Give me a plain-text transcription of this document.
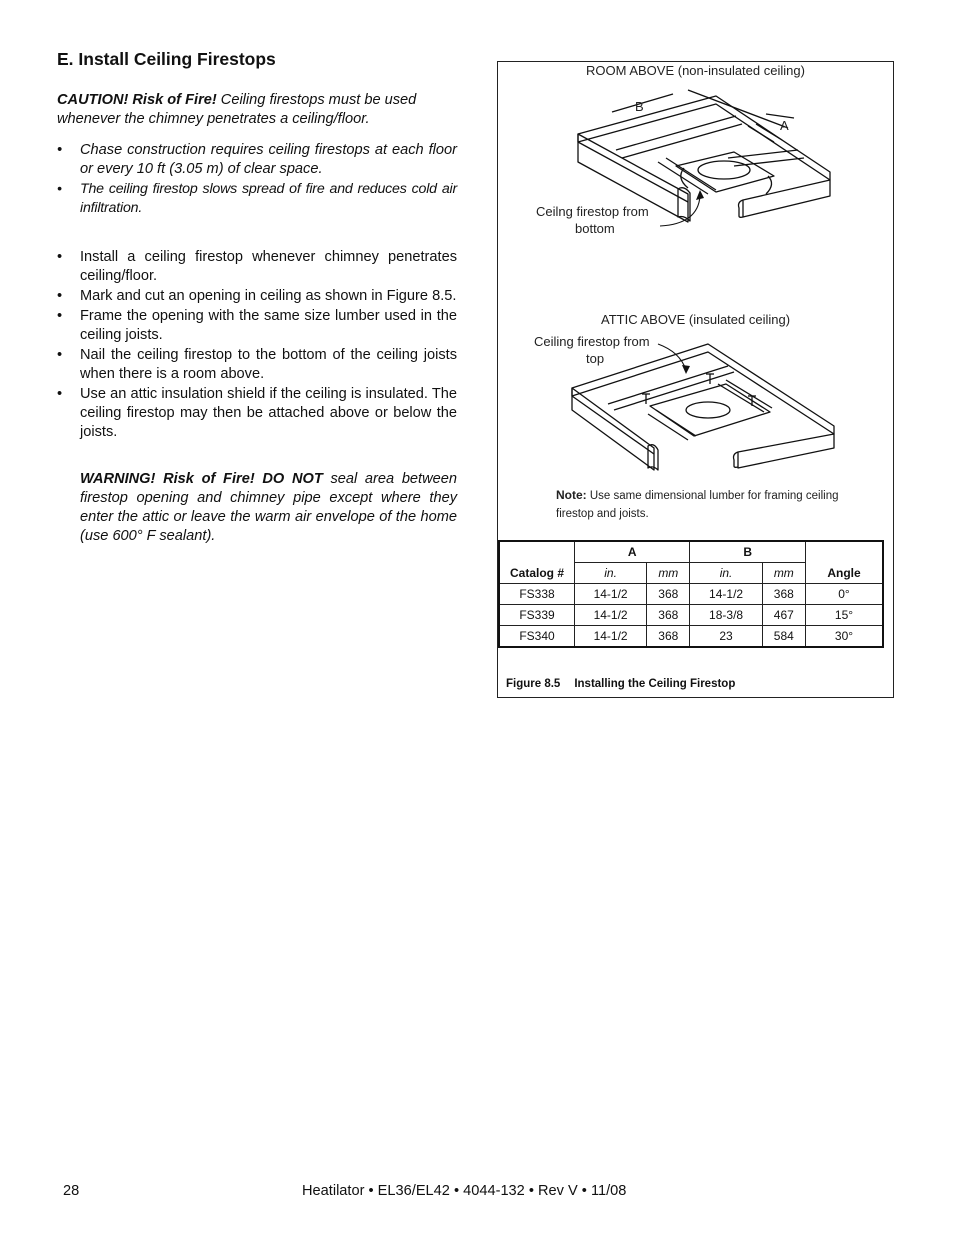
E. Install Ceiling Firestops

CAUTION! Risk of Fire! Ceiling firestops must be used whenever the chimney penetrates a ceiling/floor.

• Chase construction requires ceiling firestops at each floor or every 10 ft (3.05 m) of clear space.
• The ceiling firestop slows spread of fire and reduces cold air infiltration.
• Install a ceiling firestop whenever chimney penetrates ceiling/floor.
• Mark and cut an opening in ceiling as shown in Figure 8.5.
• Frame the opening with the same size lumber used in the ceiling joists.
• Nail the ceiling firestop to the bottom of the ceiling joists when there is a room above.
• Use an attic insulation shield if the ceiling is insulated. The ceiling firestop may then be attached above or below the joists.

WARNING! Risk of Fire! DO NOT seal area between firestop opening and chimney pipe except where they enter the attic or leave the warm air envelope of the home (use 600° F sealant).

ROOM ABOVE (non-insulated ceiling)
B
A
Ceilng firestop from
bottom
ATTIC ABOVE (insulated ceiling)
Ceiling firestop from
top
Note: Use same dimensional lumber for framing ceiling firestop and joists.
Catalog #	A		B		Angle
	in.	mm	in.	mm	
FS338	14-1/2	368	14-1/2	368	0°
FS339	14-1/2	368	18-3/8	467	15°
FS340	14-1/2	368	23	584	30°
Figure 8.5 Installing the Ceiling Firestop
28	Heatilator • EL36/EL42 • 4044-132 • Rev V • 11/08
